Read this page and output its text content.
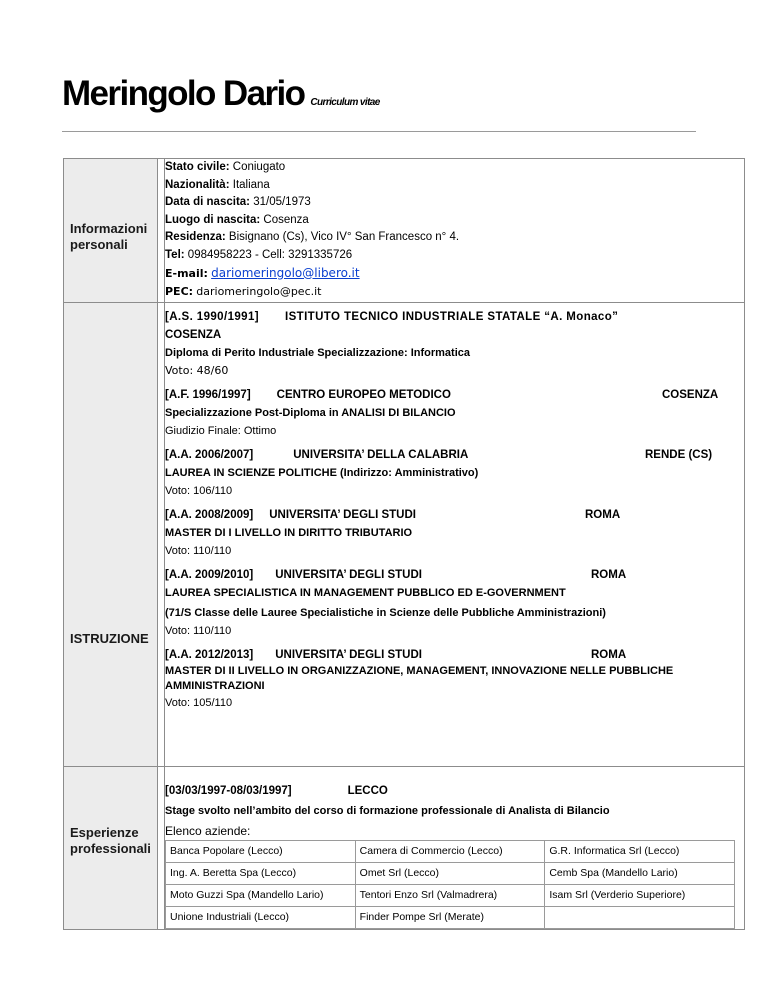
Meringolo Dario Curriculum vitae
Informazioni personali

Stato civile: Coniugato
Nazionalità: Italiana
Data di nascita: 31/05/1973
Luogo di nascita: Cosenza
Residenza: Bisignano (Cs), Vico IV° San Francesco n° 4.
Tel: 0984958223 - Cell: 3291335726
E-mail: dariomeringolo@libero.it
PEC: dariomeringolo@pec.it

ISTRUZIONE

[A.S. 1990/1991] ISTITUTO TECNICO INDUSTRIALE STATALE “A. Monaco”
COSENZA
Diploma di Perito Industriale Specializzazione: Informatica
Voto: 48/60
[A.F. 1996/1997] CENTRO EUROPEO METODICO	COSENZA
Specializzazione Post-Diploma in ANALISI DI BILANCIO
Giudizio Finale: Ottimo
[A.A. 2006/2007]	UNIVERSITA’ DELLA CALABRIA	RENDE (CS)
LAUREA IN SCIENZE POLITICHE (Indirizzo: Amministrativo)
Voto: 106/110
[A.A. 2008/2009] UNIVERSITA’ DEGLI STUDI	ROMA
MASTER DI I LIVELLO IN DIRITTO TRIBUTARIO
Voto: 110/110
[A.A. 2009/2010] UNIVERSITA’ DEGLI STUDI	ROMA
LAUREA SPECIALISTICA IN MANAGEMENT PUBBLICO ED E-GOVERNMENT
(71/S Classe delle Lauree Specialistiche in Scienze delle Pubbliche Amministrazioni)
Voto: 110/110
[A.A. 2012/2013] UNIVERSITA’ DEGLI STUDI	ROMA
MASTER DI II LIVELLO IN ORGANIZZAZIONE, MANAGEMENT, INNOVAZIONE NELLE PUBBLICHE AMMINISTRAZIONI
Voto: 105/110

Esperienze professionali

[03/03/1997-08/03/1997]	LECCO
Stage svolto nell’ambito del corso di formazione professionale di Analista di Bilancio
Elenco aziende:
Banca Popolare (Lecco)	Camera di Commercio (Lecco)	G.R. Informatica Srl (Lecco)
Ing. A. Beretta Spa (Lecco)	Omet Srl (Lecco)	Cemb Spa (Mandello Lario)
Moto Guzzi Spa (Mandello Lario)	Tentori Enzo Srl (Valmadrera)	Isam Srl (Verderio Superiore)
Unione Industriali (Lecco)	Finder Pompe Srl (Merate)	
